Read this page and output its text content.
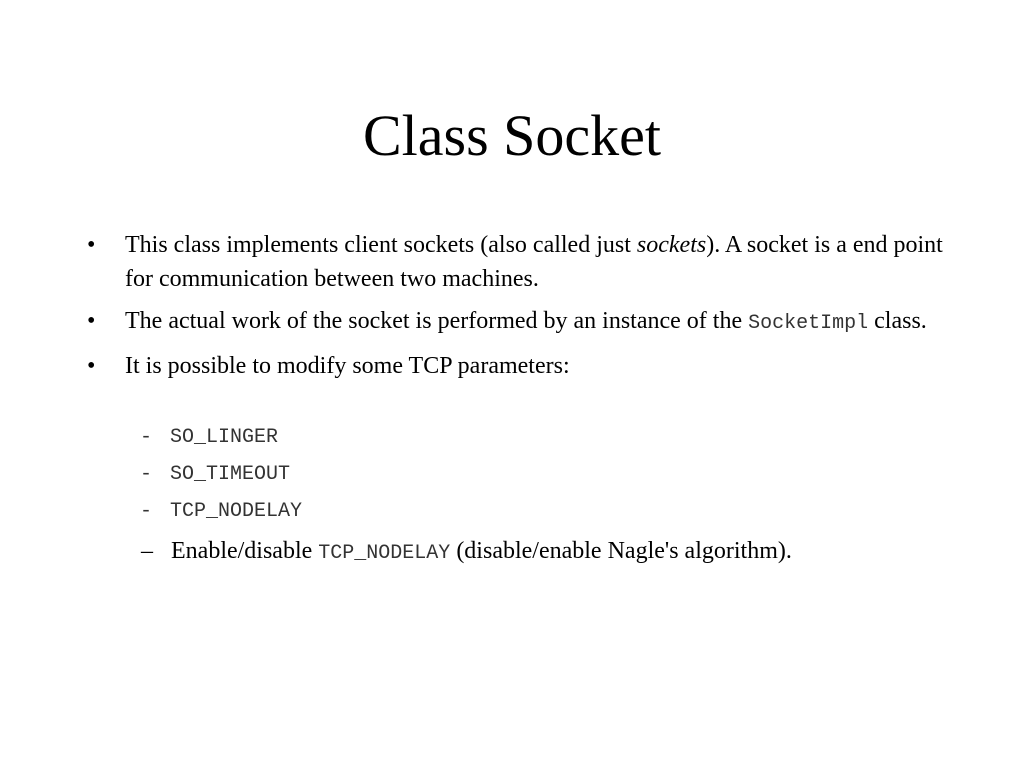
Class Socket
• This class implements client sockets (also called just sockets). A socket is a end point for communication between two machines.
• The actual work of the socket is performed by an instance of the SocketImpl class.
• It is possible to modify some TCP parameters:
- SO_LINGER
- SO_TIMEOUT
- TCP_NODELAY
– Enable/disable TCP_NODELAY (disable/enable Nagle's algorithm).
